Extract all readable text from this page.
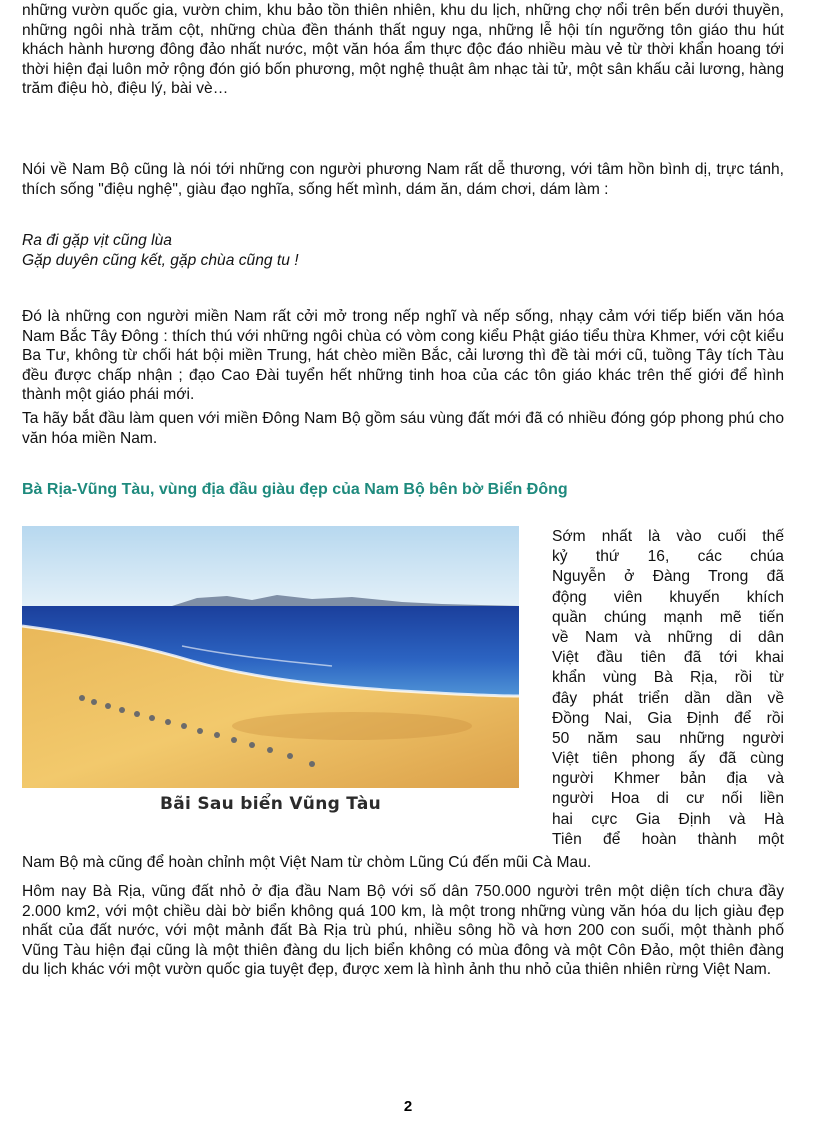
những vườn quốc gia, vườn chim, khu bảo tồn thiên nhiên, khu du lịch, những chợ nổi trên bến dưới thuyền, những ngôi nhà trăm cột, những chùa đền thánh thất nguy nga, những lễ hội tín ngưỡng tôn giáo thu hút khách hành hương đông đảo nhất nước, một văn hóa ẩm thực độc đáo nhiều màu vẻ từ thời khẩn hoang tới thời hiện đại luôn mở rộng đón gió bốn phương, một nghệ thuật âm nhạc tài tử, một sân khấu cải lương, hàng trăm điệu hò, điệu lý, bài vè…

Nói về Nam Bộ cũng là nói tới những con người phương Nam rất dễ thương, với tâm hồn bình dị, trực tánh, thích sống "điệu nghệ", giàu đạo nghĩa, sống hết mình, dám ăn, dám chơi, dám làm :

Ra đi gặp vịt cũng lùa
Gặp duyên cũng kết, gặp chùa cũng tu !

Đó là những con người miền Nam rất cởi mở trong nếp nghĩ và nếp sống, nhạy cảm với tiếp biến văn hóa Nam Bắc Tây Đông : thích thú với những ngôi chùa có vòm cong kiểu Phật giáo tiểu thừa Khmer, với cột kiểu Ba Tư, không từ chối hát bội miền Trung, hát chèo miền Bắc, cải lương thì đề tài mới cũ, tuồng Tây tích Tàu đều được chấp nhận ; đạo Cao Đài tuyển hết những tinh hoa của các tôn giáo khác trên thế giới để hình thành một giáo phái mới.

Ta hãy bắt đầu làm quen với miền Đông Nam Bộ gồm sáu vùng đất mới đã có nhiều đóng góp phong phú cho văn hóa miền Nam.

Bà Rịa-Vũng Tàu, vùng địa đầu giàu đẹp của Nam Bộ bên bờ Biển Đông
Bãi Sau biển Vũng Tàu
Sớm nhất là vào cuối thế
kỷ thứ 16, các chúa
Nguyễn ở Đàng Trong đã
động viên khuyến khích
quần chúng mạnh mẽ tiến
về Nam và những di dân
Việt đầu tiên đã tới khai
khẩn vùng Bà Rịa, rồi từ
đây phát triển dần dần về
Đồng Nai, Gia Định để rồi
50 năm sau những người
Việt tiên phong ấy đã cùng
người Khmer bản địa và
người Hoa di cư nối liền
hai cực Gia Định và Hà
Tiên để hoàn thành một

Nam Bộ mà cũng để hoàn chỉnh một Việt Nam từ chòm Lũng Cú đến mũi Cà Mau.

Hôm nay Bà Rịa, vũng đất nhỏ ở địa đầu Nam Bộ với số dân 750.000 người trên một diện tích chưa đầy 2.000 km2, với một chiều dài bờ biển không quá 100 km, là một trong những vùng văn hóa du lịch giàu đẹp nhất của đất nước, với một mảnh đất Bà Rịa trù phú, nhiều sông hồ và hơn 200 con suối, một thành phố Vũng Tàu hiện đại cũng là một thiên đàng du lịch biển không có mùa đông và một Côn Đảo, một thiên đàng du lịch khác với một vườn quốc gia tuyệt đẹp, được xem là hình ảnh thu nhỏ của thiên nhiên rừng Việt Nam.

2
